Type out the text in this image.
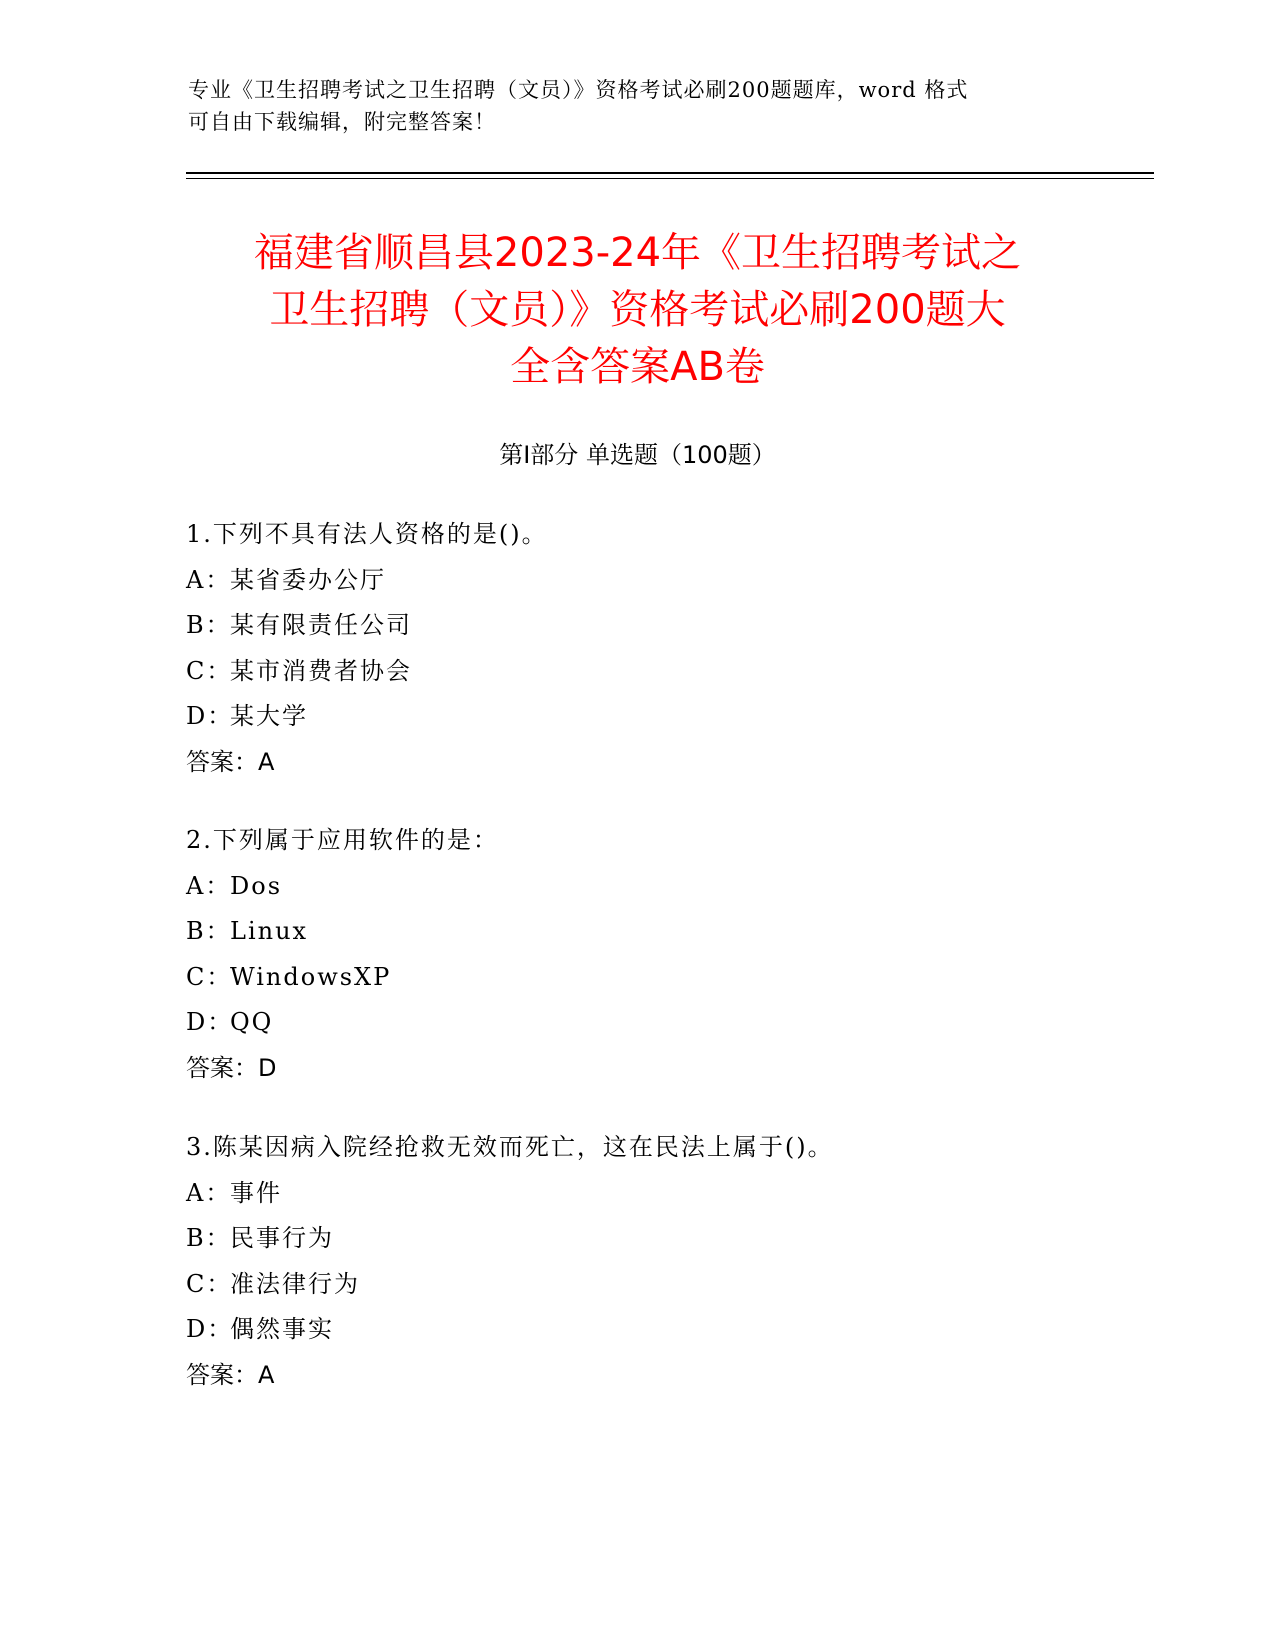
专业《卫生招聘考试之卫生招聘（文员）》资格考试必刷200题题库，word 格式
可自由下载编辑，附完整答案！
福建省顺昌县2023-24年《卫生招聘考试之
卫生招聘（文员）》资格考试必刷200题大
全含答案AB卷
第Ⅰ部分 单选题（100题）
1.下列不具有法人资格的是()。
A：某省委办公厅
B：某有限责任公司
C：某市消费者协会
D：某大学
答案：A
2.下列属于应用软件的是：
A：Dos
B：Linux
C：WindowsXP
D：QQ
答案：D
3.陈某因病入院经抢救无效而死亡，这在民法上属于()。
A：事件
B：民事行为
C：准法律行为
D：偶然事实
答案：A
